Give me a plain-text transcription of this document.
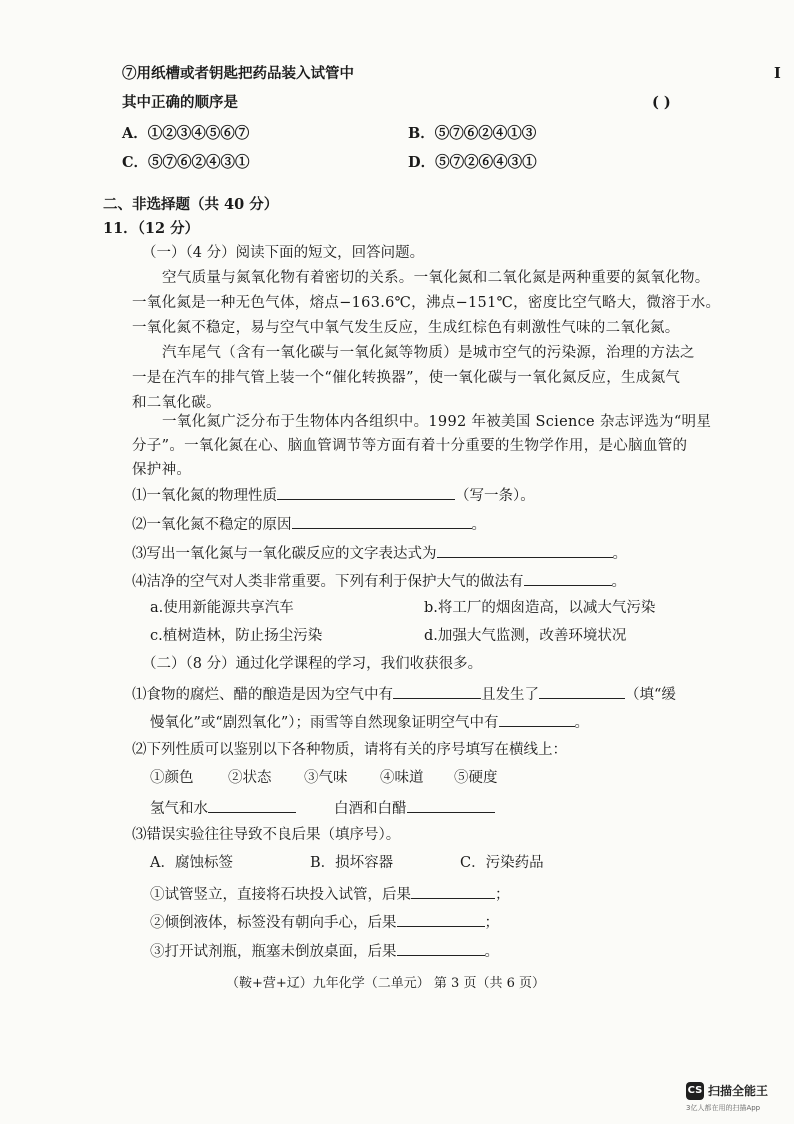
⑦用纸槽或者钥匙把药品装入试管中	I
其中正确的顺序是	( )
A．①②③④⑤⑥⑦	B．⑤⑦⑥②④①③
C．⑤⑦⑥②④③①	D．⑤⑦②⑥④③①
二、非选择题（共 40 分）
11．（12 分）
（一）（4 分）阅读下面的短文，回答问题。
空气质量与氮氧化物有着密切的关系。一氧化氮和二氧化氮是两种重要的氮氧化物。
一氧化氮是一种无色气体，熔点−163.6℃，沸点−151℃，密度比空气略大，微溶于水。
一氧化氮不稳定，易与空气中氧气发生反应，生成红棕色有刺激性气味的二氧化氮。
汽车尾气（含有一氧化碳与一氧化氮等物质）是城市空气的污染源，治理的方法之
一是在汽车的排气管上装一个“催化转换器”，使一氧化碳与一氧化氮反应，生成氮气
和二氧化碳。
一氧化氮广泛分布于生物体内各组织中。1992 年被美国 Science 杂志评选为“明星
分子”。一氧化氮在心、脑血管调节等方面有着十分重要的生物学作用，是心脑血管的
保护神。
⑴一氧化氮的物理性质	（写一条）。
⑵一氧化氮不稳定的原因	。
⑶写出一氧化氮与一氧化碳反应的文字表达式为	。
⑷洁净的空气对人类非常重要。下列有利于保护大气的做法有	。
a.使用新能源共享汽车	b.将工厂的烟囱造高，以减大气污染
c.植树造林，防止扬尘污染	d.加强大气监测，改善环境状况
（二）（8 分）通过化学课程的学习，我们收获很多。
⑴食物的腐烂、醋的酿造是因为空气中有	且发生了	（填“缓
慢氧化”或“剧烈氧化”）；雨雪等自然现象证明空气中有	。
⑵下列性质可以鉴别以下各种物质，请将有关的序号填写在横线上：
①颜色 ②状态 ③气味 ④味道 ⑤硬度
氢气和水	白酒和白醋
⑶错误实验往往导致不良后果（填序号）。
A．腐蚀标签	B．损坏容器	C．污染药品
①试管竖立，直接将石块投入试管，后果	；
②倾倒液体，标签没有朝向手心，后果	；
③打开试剂瓶，瓶塞未倒放桌面，后果	。
（鞍+营+辽）九年化学（二单元） 第 3 页（共 6 页）
CS 扫描全能王
3亿人都在用的扫描App
